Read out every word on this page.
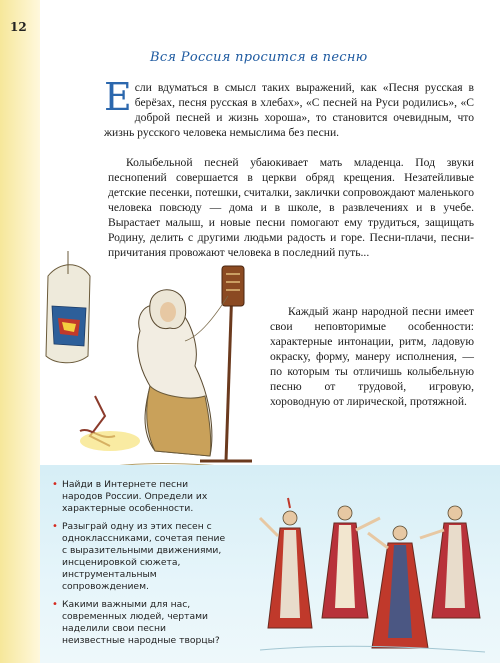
12
Вся Россия просится в песню
Если вдуматься в смысл таких выражений, как «Песня русская в берёзах, песня русская в хлебах», «С песней на Руси родились», «С доброй песней и жизнь хороша», то становится очевидным, что жизнь русского человека немыслима без песни.
Колыбельной песней убаюкивает мать младенца. Под звуки песнопений совершается в церкви обряд крещения. Незатейливые детские песенки, потешки, считалки, заклички сопровождают маленького человека повсюду — дома и в школе, в развлечениях и в учебе. Вырастает малыш, и новые песни помогают ему трудиться, защищать Родину, делить с другими людьми радость и горе. Песни-плачи, песни-причитания провожают человека в последний путь...
Каждый жанр народной песни имеет свои неповторимые особенности: характерные интонации, ритм, ладовую окраску, форму, манеру исполнения, — по которым ты отличишь колыбельную песню от трудовой, игровую, хороводную от лирической, протяжной.
• Найди в Интернете песни народов России. Определи их характерные особенности.
• Разыграй одну из этих песен с одноклассниками, сочетая пение с выразительными движениями, инсценировкой сюжета, инструментальным сопровождением.
• Какими важными для нас, современных людей, чертами наделили свои песни неизвестные народные творцы?
